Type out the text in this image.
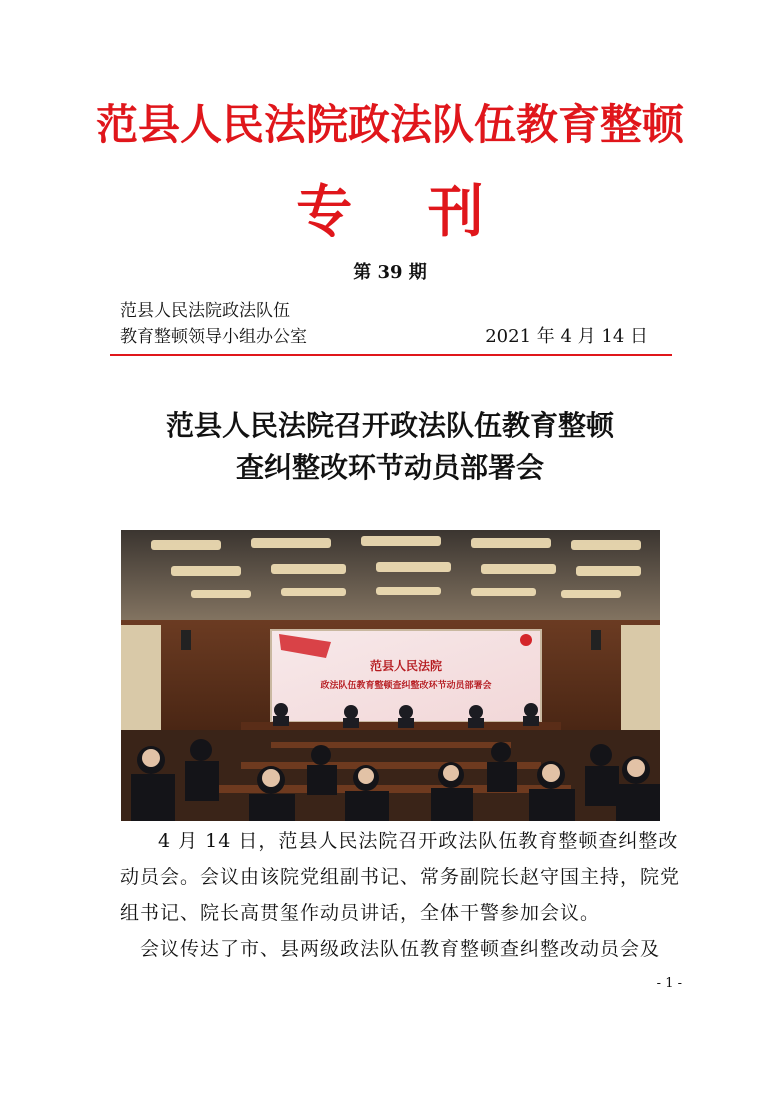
范县人民法院政法队伍教育整顿
专 刊
第 39 期
范县人民法院政法队伍
教育整顿领导小组办公室	2021 年 4 月 14 日
范县人民法院召开政法队伍教育整顿
查纠整改环节动员部署会
范县人民法院
政法队伍教育整顿查纠整改环节动员部署会
4 月 14 日，范县人民法院召开政法队伍教育整顿查纠整改动员会。会议由该院党组副书记、常务副院长赵守国主持，院党组书记、院长高贯玺作动员讲话，全体干警参加会议。
　会议传达了市、县两级政法队伍教育整顿查纠整改动员会及
- 1 -
